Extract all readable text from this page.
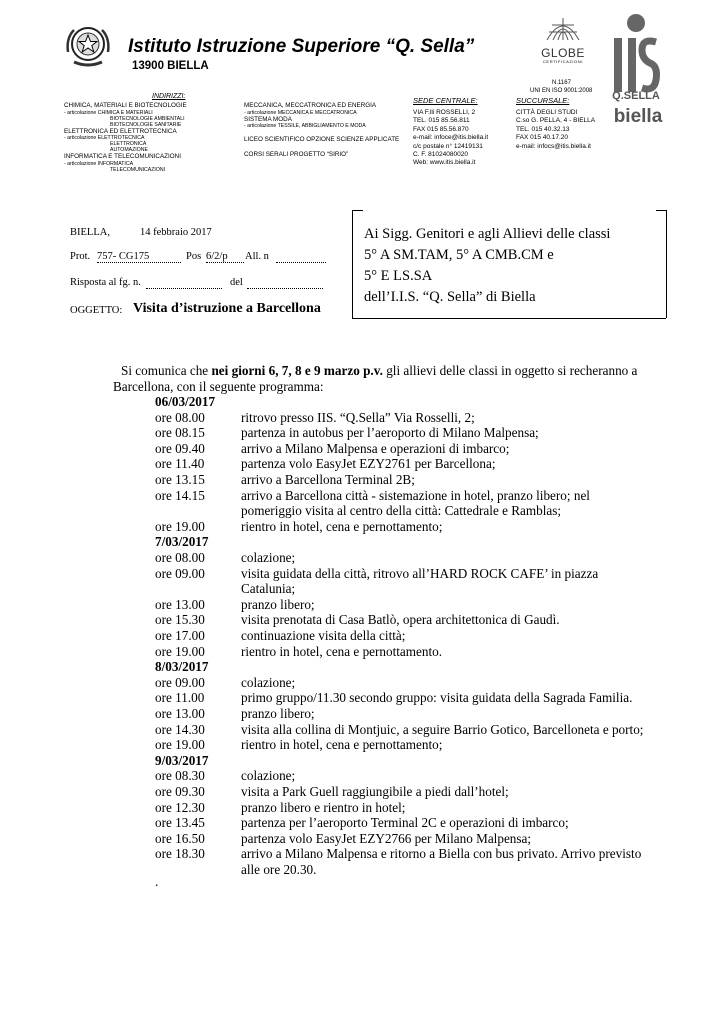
Istituto Istruzione Superiore “Q. Sella”
13900 BIELLA
GLOBE
CERTIFICAZIONI
N.1167
UNI EN ISO 9001:2008	Q.SELLA
biella
INDIRIZZI:
CHIMICA, MATERIALI E BIOTECNOLOGIE
- articolazione CHIMICA E MATERIALI
BIOTECNOLOGIE AMBIENTALI
BIOTECNOLOGIE SANITARIE
ELETTRONICA ED ELETTROTECNICA
- articolazione ELETTROTECNICA
ELETTRONICA
AUTOMAZIONE
INFORMATICA E TELECOMUNICAZIONI
- articolazione INFORMATICA
TELECOMUNICAZIONI
MECCANICA, MECCATRONICA ED ENERGIA
- articolazione MECCANICA E MECCATRONICA
SISTEMA MODA
- articolazione TESSILE, ABBIGLIAMENTO E MODA
LICEO SCIENTIFICO OPZIONE SCIENZE APPLICATE
CORSI SERALI PROGETTO “SIRIO”
SEDE CENTRALE:
VIA F.lli ROSSELLI, 2
TEL. 015 85.56.811
FAX 015 85.56.870
e-mail: infoce@itis.biella.it
c/c postale n° 12419131
C. F. 81024080020
Web: www.itis.biella.it
SUCCURSALE:
CITTÀ DEGLI STUDI
C.so G. PELLA, 4 - BIELLA
TEL. 015 40.32.13
FAX 015 40.17.20
e-mail: infocs@itis.biella.it
BIELLA,	14 febbraio 2017
Prot. 757- CG175	Pos 6/2/p	All. n
Risposta al fg. n.	del
OGGETTO: Visita d’istruzione a Barcellona
Ai Sigg. Genitori e agli Allievi delle classi
5° A SM.TAM, 5° A CMB.CM e
5° E LS.SA
dell’I.I.S. “Q. Sella” di Biella
Si comunica che nei giorni 6, 7, 8 e 9 marzo p.v. gli allievi delle classi in oggetto si recheranno a
Barcellona, con il seguente programma:
06/03/2017
ore 08.00	ritrovo presso IIS. “Q.Sella” Via Rosselli, 2;
ore 08.15	partenza in autobus per l’aeroporto di Milano Malpensa;
ore 09.40	arrivo a Milano Malpensa e operazioni di imbarco;
ore 11.40	partenza volo EasyJet EZY2761 per Barcellona;
ore 13.15	arrivo a Barcellona Terminal 2B;
ore 14.15	arrivo a Barcellona città - sistemazione in hotel, pranzo libero; nel
pomeriggio visita al centro della città: Cattedrale e Ramblas;
ore 19.00	rientro in hotel, cena e pernottamento;
7/03/2017
ore 08.00	colazione;
ore 09.00	visita guidata della città, ritrovo all’HARD ROCK CAFE’ in piazza
Catalunia;
ore 13.00	pranzo libero;
ore 15.30	visita prenotata di Casa Batlò, opera architettonica di Gaudì.
ore 17.00	continuazione visita della città;
ore 19.00	rientro in hotel, cena e pernottamento.
8/03/2017
ore 09.00	colazione;
ore 11.00	primo gruppo/11.30 secondo gruppo: visita guidata della Sagrada Familia.
ore 13.00	pranzo libero;
ore 14.30	visita alla collina di Montjuic, a seguire Barrio Gotico, Barcelloneta e porto;
ore 19.00	rientro in hotel, cena e pernottamento;
9/03/2017
ore 08.30	colazione;
ore 09.30	visita a Park Guell raggiungibile a piedi dall’hotel;
ore 12.30	pranzo libero e rientro in hotel;
ore 13.45	partenza per l’aeroporto Terminal 2C e operazioni di imbarco;
ore 16.50	partenza volo EasyJet EZY2766 per Milano Malpensa;
ore 18.30	arrivo a Milano Malpensa e ritorno a Biella con bus privato. Arrivo previsto
alle ore 20.30.
.
